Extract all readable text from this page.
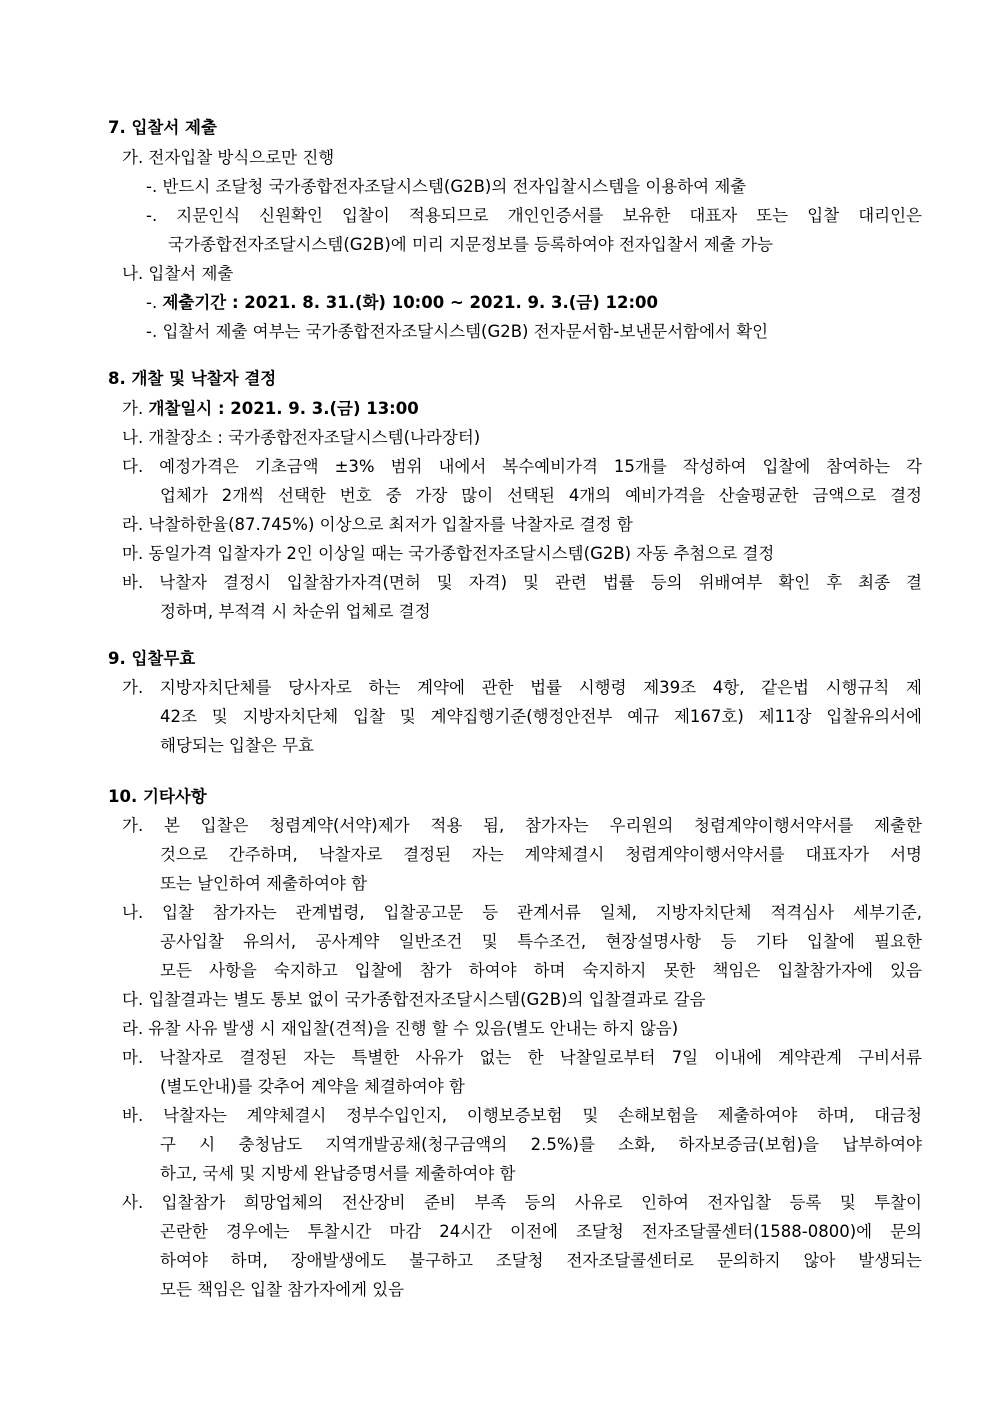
7. 입찰서 제출
가. 전자입찰 방식으로만 진행
-. 반드시 조달청 국가종합전자조달시스템(G2B)의 전자입찰시스템을 이용하여 제출
-. 지문인식 신원확인 입찰이 적용되므로 개인인증서를 보유한 대표자 또는 입찰 대리인은
국가종합전자조달시스템(G2B)에 미리 지문정보를 등록하여야 전자입찰서 제출 가능
나. 입찰서 제출
-. 제출기간 : 2021. 8. 31.(화) 10:00 ~ 2021. 9. 3.(금) 12:00
-. 입찰서 제출 여부는 국가종합전자조달시스템(G2B) 전자문서함-보낸문서함에서 확인
8. 개찰 및 낙찰자 결정
가. 개찰일시 : 2021. 9. 3.(금) 13:00
나. 개찰장소 : 국가종합전자조달시스템(나라장터)
다. 예정가격은 기초금액 ±3% 범위 내에서 복수예비가격 15개를 작성하여 입찰에 참여하는 각
업체가 2개씩 선택한 번호 중 가장 많이 선택된 4개의 예비가격을 산술평균한 금액으로 결정
라. 낙찰하한율(87.745%) 이상으로 최저가 입찰자를 낙찰자로 결정 함
마. 동일가격 입찰자가 2인 이상일 때는 국가종합전자조달시스템(G2B) 자동 추첨으로 결정
바. 낙찰자 결정시 입찰참가자격(면허 및 자격) 및 관련 법률 등의 위배여부 확인 후 최종 결
정하며, 부적격 시 차순위 업체로 결정
9. 입찰무효
가. 지방자치단체를 당사자로 하는 계약에 관한 법률 시행령 제39조 4항, 같은법 시행규칙 제
42조 및 지방자치단체 입찰 및 계약집행기준(행정안전부 예규 제167호) 제11장 입찰유의서에
해당되는 입찰은 무효
10. 기타사항
가. 본 입찰은 청렴계약(서약)제가 적용 됨, 참가자는 우리원의 청렴계약이행서약서를 제출한
것으로 간주하며, 낙찰자로 결정된 자는 계약체결시 청렴계약이행서약서를 대표자가 서명
또는 날인하여 제출하여야 함
나. 입찰 참가자는 관계법령, 입찰공고문 등 관계서류 일체, 지방자치단체 적격심사 세부기준,
공사입찰 유의서, 공사계약 일반조건 및 특수조건, 현장설명사항 등 기타 입찰에 필요한
모든 사항을 숙지하고 입찰에 참가 하여야 하며 숙지하지 못한 책임은 입찰참가자에 있음
다. 입찰결과는 별도 통보 없이 국가종합전자조달시스템(G2B)의 입찰결과로 갈음
라. 유찰 사유 발생 시 재입찰(견적)을 진행 할 수 있음(별도 안내는 하지 않음)
마. 낙찰자로 결정된 자는 특별한 사유가 없는 한 낙찰일로부터 7일 이내에 계약관계 구비서류
(별도안내)를 갖추어 계약을 체결하여야 함
바. 낙찰자는 계약체결시 정부수입인지, 이행보증보험 및 손해보험을 제출하여야 하며, 대금청
구 시 충청남도 지역개발공채(청구금액의 2.5%)를 소화, 하자보증금(보험)을 납부하여야
하고, 국세 및 지방세 완납증명서를 제출하여야 함
사. 입찰참가 희망업체의 전산장비 준비 부족 등의 사유로 인하여 전자입찰 등록 및 투찰이
곤란한 경우에는 투찰시간 마감 24시간 이전에 조달청 전자조달콜센터(1588-0800)에 문의
하여야 하며, 장애발생에도 불구하고 조달청 전자조달콜센터로 문의하지 않아 발생되는
모든 책임은 입찰 참가자에게 있음
